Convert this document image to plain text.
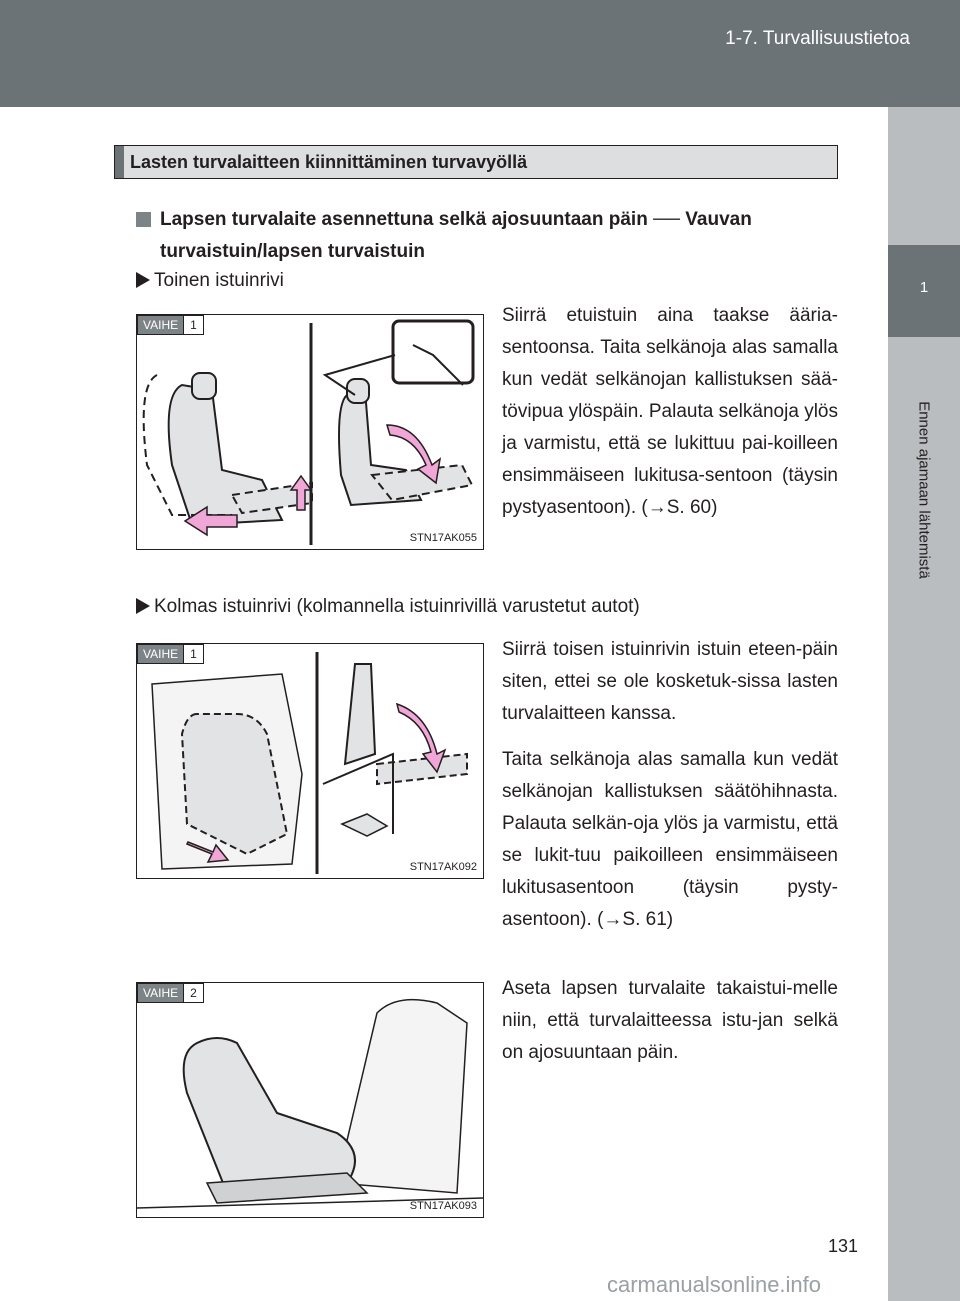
1-7. Turvallisuustietoa
1
Ennen ajamaan lähtemistä
Lasten turvalaitteen kiinnittäminen turvavyöllä
Lapsen turvalaite asennettuna selkä ajosuuntaan päin ── Vauvan turvaistuin/lapsen turvaistuin
Toinen istuinrivi
VAIHE	1
STN17AK055
Siirrä etuistuin aina taakse ääria-sentoonsa. Taita selkänoja alas samalla kun vedät selkänojan kallistuksen sää-tövipua ylöspäin. Palauta selkänoja ylös ja varmistu, että se lukittuu pai-koilleen ensimmäiseen lukitusa-sentoon (täysin pystyasentoon). (→S. 60)
Kolmas istuinrivi (kolmannella istuinrivillä varustetut autot)
VAIHE	1
STN17AK092
Siirrä toisen istuinrivin istuin eteen-päin siten, ettei se ole kosketuk-sissa lasten turvalaitteen kanssa.
Taita selkänoja alas samalla kun vedät selkänojan kallistuksen säätöhihnasta. Palauta selkän-oja ylös ja varmistu, että se lukit-tuu paikoilleen ensimmäiseen lukitusasentoon (täysin pysty-asentoon). (→S. 61)
VAIHE	2
STN17AK093
Aseta lapsen turvalaite takaistui-melle niin, että turvalaitteessa istu-jan selkä on ajosuuntaan päin.
131
carmanualsonline.info
